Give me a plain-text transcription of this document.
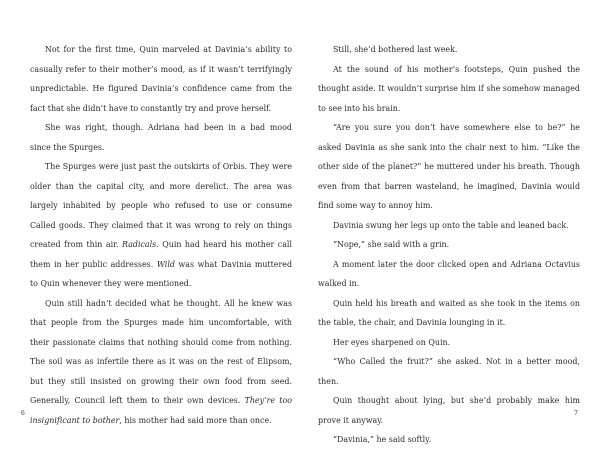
Not for the first time, Quin marveled at Davinia’s ability to casually refer to their mother’s mood, as if it wasn’t terrifyingly unpredictable. He figured Davinia’s confidence came from the fact that she didn’t have to constantly try and prove herself.

She was right, though. Adriana had been in a bad mood since the Spurges.

The Spurges were just past the outskirts of Orbis. They were older than the capital city, and more derelict. The area was largely inhabited by people who refused to use or consume Called goods. They claimed that it was wrong to rely on things created from thin air. Radicals. Quin had heard his mother call them in her public addresses. Wild was what Davinia muttered to Quin whenever they were mentioned.

Quin still hadn’t decided what he thought. All he knew was that people from the Spurges made him uncomfortable, with their passionate claims that nothing should come from nothing. The soil was as infertile there as it was on the rest of Elipsom, but they still insisted on growing their own food from seed. Generally, Council left them to their own devices. They’re too insignificant to bother, his mother had said more than once.

6

Still, she’d bothered last week.

At the sound of his mother’s footsteps, Quin pushed the thought aside. It wouldn’t surprise him if she somehow managed to see into his brain.

“Are you sure you don’t have somewhere else to be?” he asked Davinia as she sank into the chair next to him. “Like the other side of the planet?” he muttered under his breath. Though even from that barren wasteland, he imagined, Davinia would find some way to annoy him.

Davinia swung her legs up onto the table and leaned back.

“Nope,” she said with a grin.

A moment later the door clicked open and Adriana Octavius walked in.

Quin held his breath and waited as she took in the items on the table, the chair, and Davinia lounging in it.

Her eyes sharpened on Quin.

“Who Called the fruit?” she asked. Not in a better mood, then.

Quin thought about lying, but she’d probably make him prove it anyway.

“Davinia,” he said softly.

7
